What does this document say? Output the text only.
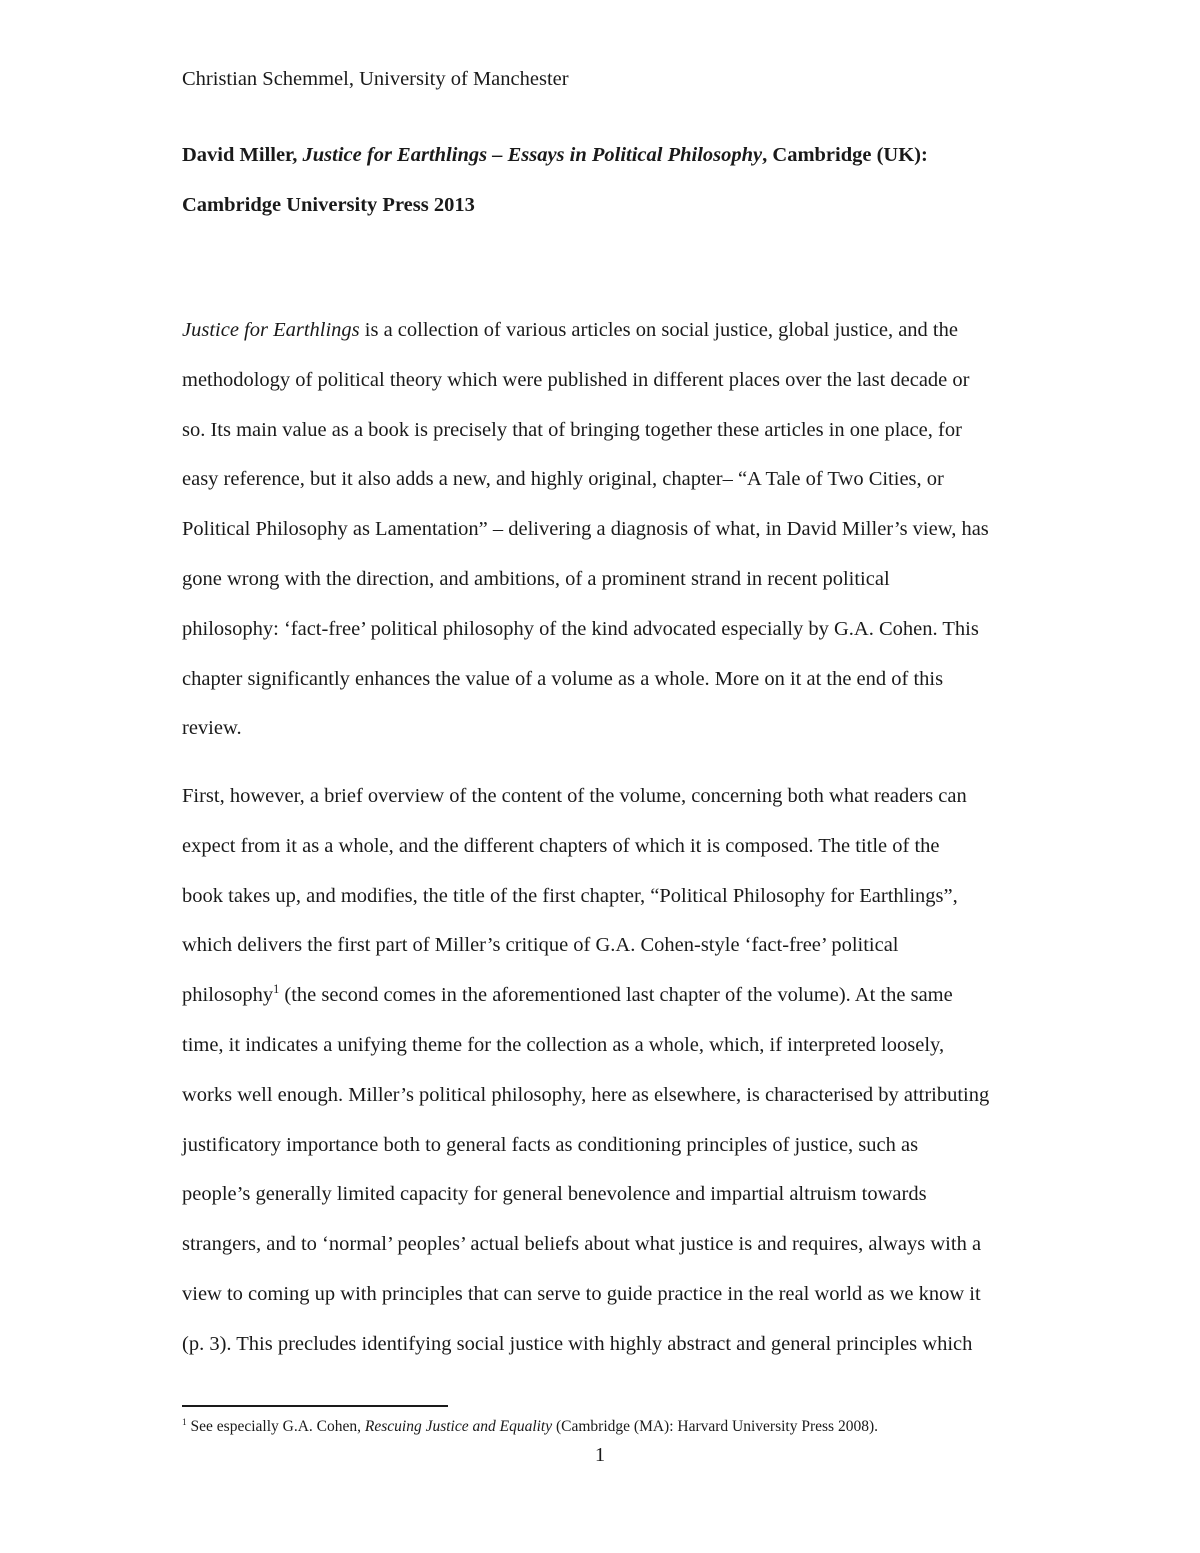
Christian Schemmel, University of Manchester
David Miller, Justice for Earthlings – Essays in Political Philosophy, Cambridge (UK):
Cambridge University Press 2013
Justice for Earthlings is a collection of various articles on social justice, global justice, and the
methodology of political theory which were published in different places over the last decade or
so. Its main value as a book is precisely that of bringing together these articles in one place, for
easy reference, but it also adds a new, and highly original, chapter– “A Tale of Two Cities, or
Political Philosophy as Lamentation” – delivering a diagnosis of what, in David Miller’s view, has
gone wrong with the direction, and ambitions, of a prominent strand in recent political
philosophy: ‘fact-free’ political philosophy of the kind advocated especially by G.A. Cohen. This
chapter significantly enhances the value of a volume as a whole. More on it at the end of this
review.
First, however, a brief overview of the content of the volume, concerning both what readers can
expect from it as a whole, and the different chapters of which it is composed. The title of the
book takes up, and modifies, the title of the first chapter, “Political Philosophy for Earthlings”,
which delivers the first part of Miller’s critique of G.A. Cohen-style ‘fact-free’ political
philosophy$^1$ (the second comes in the aforementioned last chapter of the volume). At the same
time, it indicates a unifying theme for the collection as a whole, which, if interpreted loosely,
works well enough. Miller’s political philosophy, here as elsewhere, is characterised by attributing
justificatory importance both to general facts as conditioning principles of justice, such as
people’s generally limited capacity for general benevolence and impartial altruism towards
strangers, and to ‘normal’ peoples’ actual beliefs about what justice is and requires, always with a
view to coming up with principles that can serve to guide practice in the real world as we know it
(p. 3). This precludes identifying social justice with highly abstract and general principles which
$^1$ See especially G.A. Cohen, Rescuing Justice and Equality (Cambridge (MA): Harvard University Press 2008).
1
